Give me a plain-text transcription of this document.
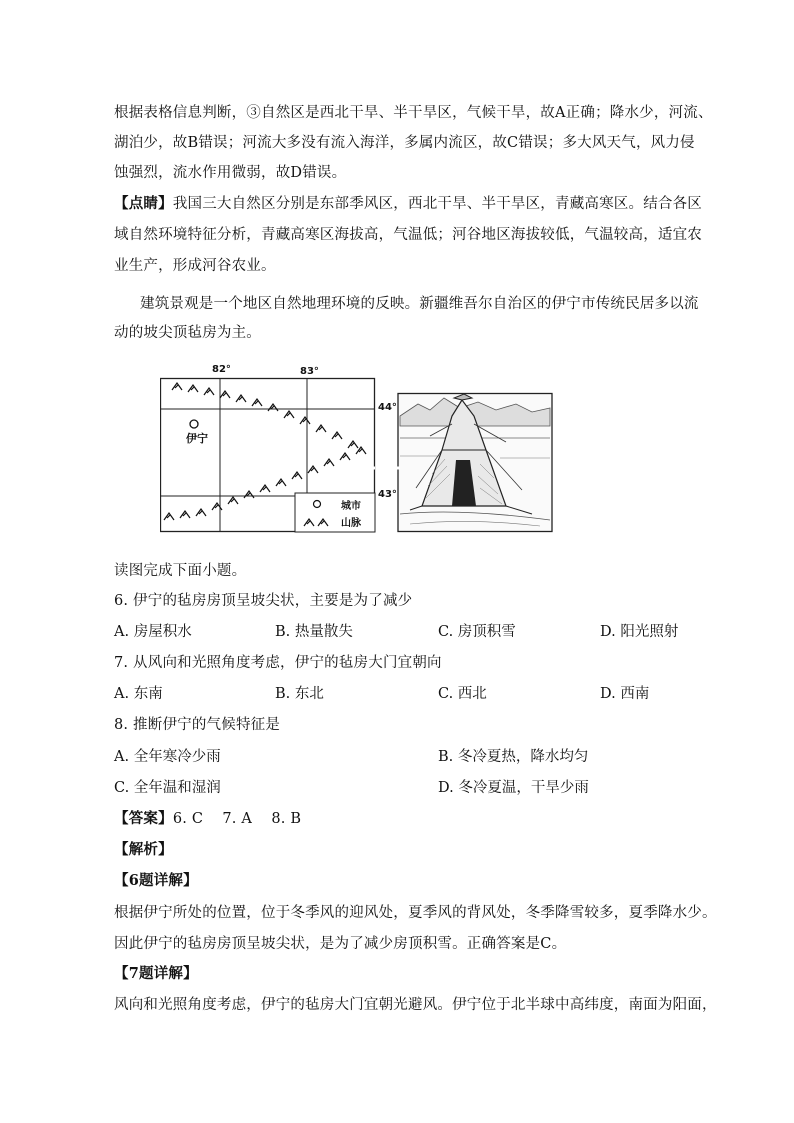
根据表格信息判断，③自然区是西北干旱、半干旱区，气候干旱，故A正确；降水少，河流、
湖泊少，故B错误；河流大多没有流入海洋，多属内流区，故C错误；多大风天气，风力侵
蚀强烈，流水作用微弱，故D错误。
【点睛】我国三大自然区分别是东部季风区，西北干旱、半干旱区，青藏高寒区。结合各区
域自然环境特征分析，青藏高寒区海拔高，气温低；河谷地区海拔较低，气温较高，适宜农
业生产，形成河谷农业。
建筑景观是一个地区自然地理环境的反映。新疆维吾尔自治区的伊宁市传统民居多以流
动的坡尖顶毡房为主。
82°	83°
44°
43°
伊宁
城市
山脉
读图完成下面小题。
6. 伊宁的毡房房顶呈坡尖状，主要是为了减少
A. 房屋积水	B. 热量散失	C. 房顶积雪	D. 阳光照射
7. 从风向和光照角度考虑，伊宁的毡房大门宜朝向
A. 东南	B. 东北	C. 西北	D. 西南
8. 推断伊宁的气候特征是
A. 全年寒冷少雨	B. 冬冷夏热，降水均匀
C. 全年温和湿润	D. 冬冷夏温，干旱少雨
【答案】6. C    7. A    8. B
【解析】
【6题详解】
根据伊宁所处的位置，位于冬季风的迎风处，夏季风的背风处，冬季降雪较多，夏季降水少。
因此伊宁的毡房房顶呈坡尖状，是为了减少房顶积雪。正确答案是C。
【7题详解】
风向和光照角度考虑，伊宁的毡房大门宜朝光避风。伊宁位于北半球中高纬度，南面为阳面，
